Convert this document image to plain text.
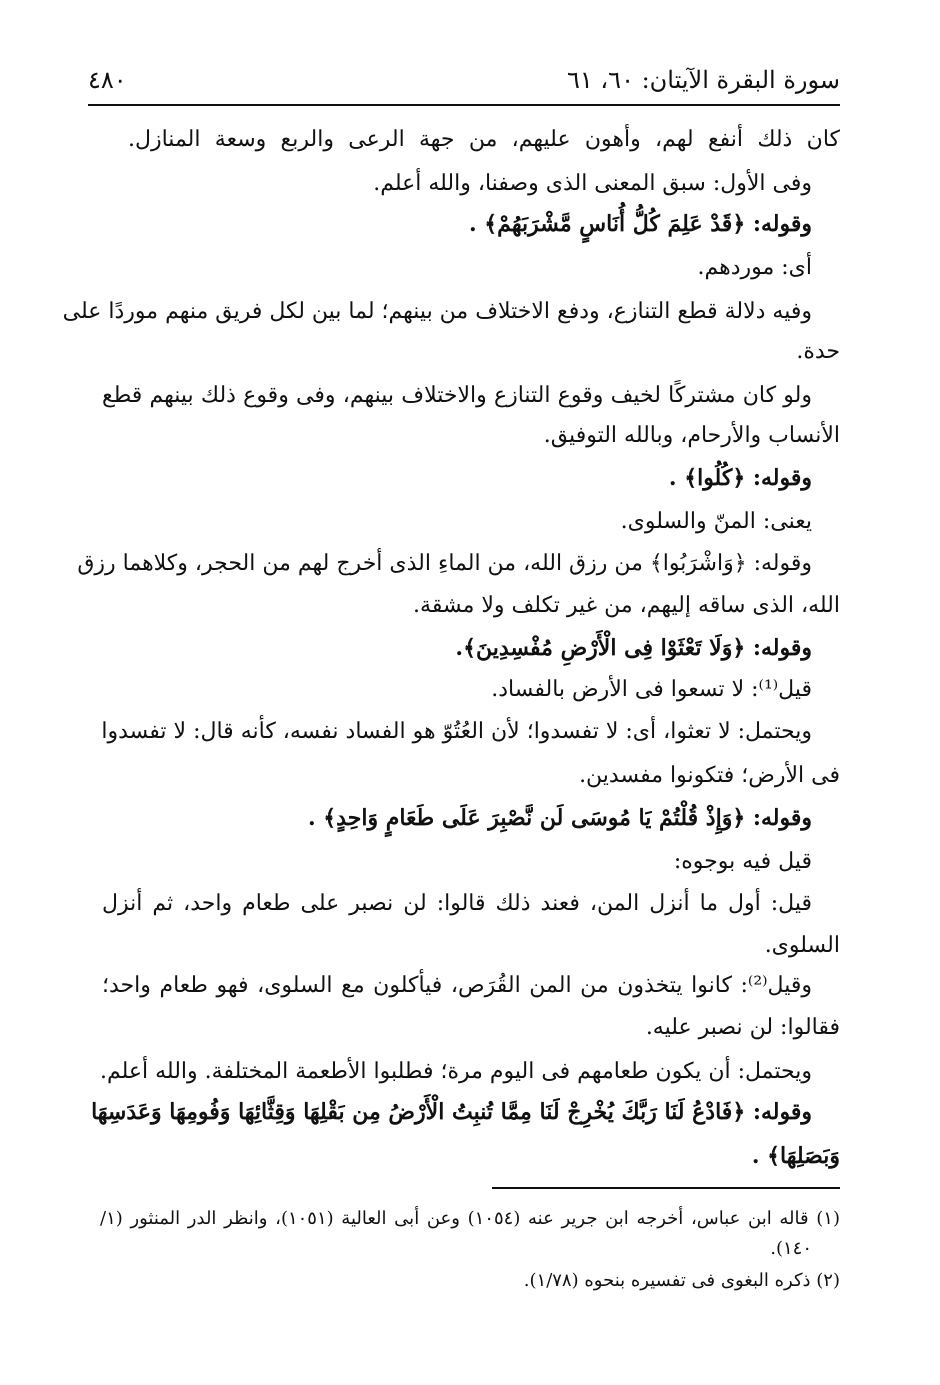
سورة البقرة الآيتان: ٦٠، ٦١
٤٨٠
كان ذلك أنفع لهم، وأهون عليهم، من جهة الرعى والربع وسعة المنازل.
وفى الأول: سبق المعنى الذى وصفنا، والله أعلم.
وقوله: ﴿قَدْ عَلِمَ كُلُّ أُنَاسٍ مَّشْرَبَهُمْ﴾ .
أى: موردهم.
وفيه دلالة قطع التنازع، ودفع الاختلاف من بينهم؛ لما بين لكل فريق منهم موردًا على
حدة.
ولو كان مشتركًا لخيف وقوع التنازع والاختلاف بينهم، وفى وقوع ذلك بينهم قطع
الأنساب والأرحام، وبالله التوفيق.
وقوله: ﴿كُلُوا﴾ .
يعنى: المنّ والسلوى.
وقوله: ﴿وَاشْرَبُوا﴾ من رزق الله، من الماءِ الذى أخرج لهم من الحجر، وكلاهما رزق
الله، الذى ساقه إليهم، من غير تكلف ولا مشقة.
وقوله: ﴿وَلَا تَعْثَوْا فِى الْأَرْضِ مُفْسِدِينَ﴾.
قيل⁽¹⁾: لا تسعوا فى الأرض بالفساد.
ويحتمل: لا تعثوا، أى: لا تفسدوا؛ لأن العُتُوّ هو الفساد نفسه، كأنه قال: لا تفسدوا
فى الأرض؛ فتكونوا مفسدين.
وقوله: ﴿وَإِذْ قُلْتُمْ يَا مُوسَى لَن نَّصْبِرَ عَلَى طَعَامٍ وَاحِدٍ﴾ .
قيل فيه بوجوه:
قيل: أول ما أنزل المن، فعند ذلك قالوا: لن نصبر على طعام واحد، ثم أنزل
السلوى.
وقيل⁽²⁾: كانوا يتخذون من المن القُرَص، فيأكلون مع السلوى، فهو طعام واحد؛
فقالوا: لن نصبر عليه.
ويحتمل: أن يكون طعامهم فى اليوم مرة؛ فطلبوا الأطعمة المختلفة. والله أعلم.
وقوله: ﴿فَادْعُ لَنَا رَبَّكَ يُخْرِجْ لَنَا مِمَّا تُنبِتُ الْأَرْضُ مِن بَقْلِهَا وَقِثَّائِهَا وَفُومِهَا وَعَدَسِهَا
وَبَصَلِهَا﴾ .
(١) قاله ابن عباس، أخرجه ابن جرير عنه (١٠٥٤) وعن أبى العالية (١٠٥١)، وانظر الدر المنثور (١/
١٤٠).
(٢) ذكره البغوى فى تفسيره بنحوه (١/٧٨).
